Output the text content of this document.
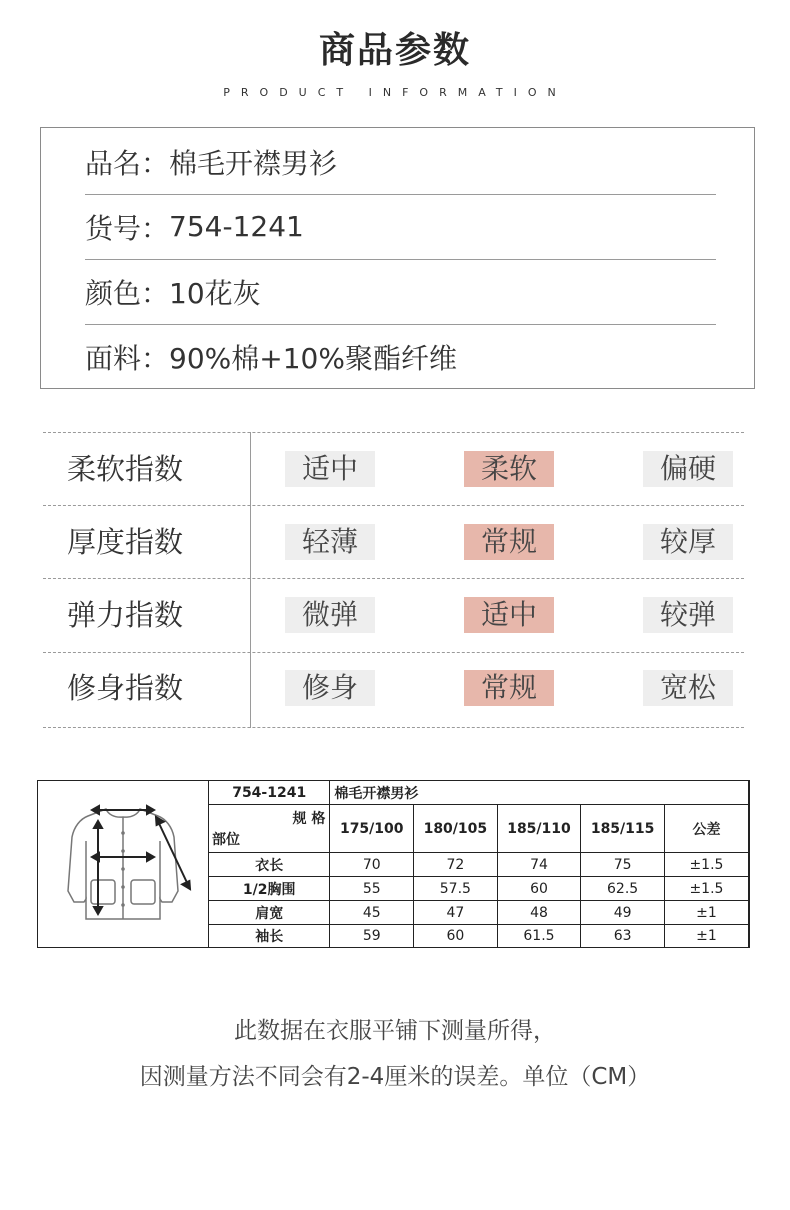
商品参数
PRODUCT INFORMATION
品名： 棉毛开襟男衫
货号： 754-1241
颜色： 10花灰
面料： 90%棉+10%聚酯纤维
柔软指数	适中	柔软	偏硬
厚度指数	轻薄	常规	较厚
弹力指数	微弹	适中	较弹
修身指数	修身	常规	宽松
754-1241	棉毛开襟男衫				

规 格
部位	175/100	180/105	185/110	185/115	公差
衣长	70	72	74	75	±1.5
1/2胸围	55	57.5	60	62.5	±1.5
肩宽	45	47	48	49	±1
袖长	59	60	61.5	63	±1
此数据在衣服平铺下测量所得，
因测量方法不同会有2-4厘米的误差。单位（CM）
